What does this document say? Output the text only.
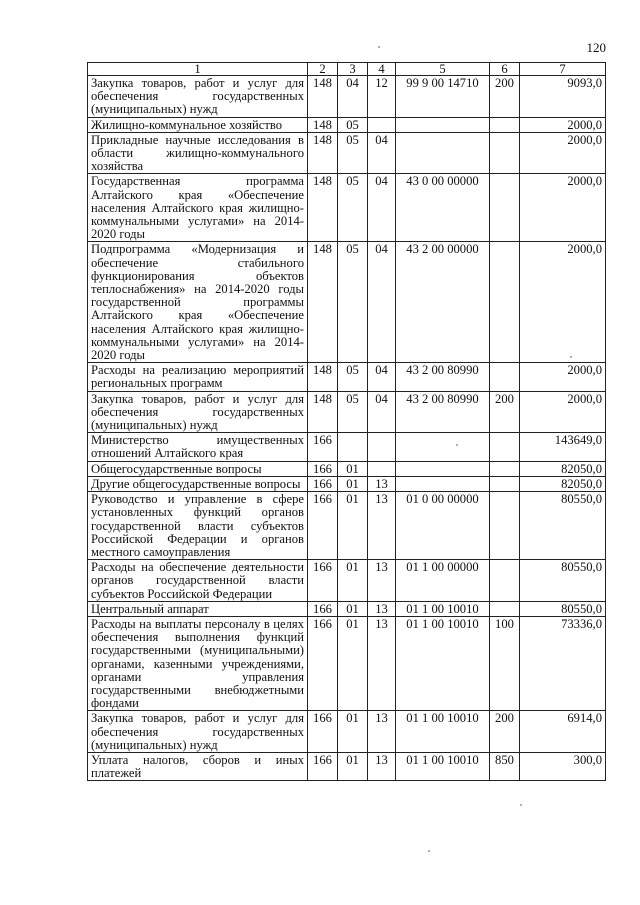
120
1	2	3	4	5	6	7
Закупка товаров, работ и услуг для обеспечения государственных (муниципальных) нужд	148	04	12	99 9 00 14710	200	9093,0
Жилищно-коммунальное хозяйство	148	05				2000,0
Прикладные научные исследования в области жилищно-коммунального хозяйства	148	05	04			2000,0
Государственная программа Алтайского края «Обеспечение населения Алтайского края жилищно-коммунальными услугами» на 2014-2020 годы	148	05	04	43 0 00 00000		2000,0
Подпрограмма «Модернизация и обеспечение стабильного функционирования объектов теплоснабжения» на 2014-2020 годы государственной программы Алтайского края «Обеспечение населения Алтайского края жилищно-коммунальными услугами» на 2014-2020 годы	148	05	04	43 2 00 00000		2000,0
Расходы на реализацию мероприятий региональных программ	148	05	04	43 2 00 80990		2000,0
Закупка товаров, работ и услуг для обеспечения государственных (муниципальных) нужд	148	05	04	43 2 00 80990	200	2000,0
Министерство имущественных отношений Алтайского края	166					143649,0
Общегосударственные вопросы	166	01				82050,0
Другие общегосударственные вопросы	166	01	13			82050,0
Руководство и управление в сфере установленных функций органов государственной власти субъектов Российской Федерации и органов местного самоуправления	166	01	13	01 0 00 00000		80550,0
Расходы на обеспечение деятельности органов государственной власти субъектов Российской Федерации	166	01	13	01 1 00 00000		80550,0
Центральный аппарат	166	01	13	01 1 00 10010		80550,0
Расходы на выплаты персоналу в целях обеспечения выполнения функций государственными (муниципальными) органами, казенными учреждениями, органами управления государственными внебюджетными фондами	166	01	13	01 1 00 10010	100	73336,0
Закупка товаров, работ и услуг для обеспечения государственных (муниципальных) нужд	166	01	13	01 1 00 10010	200	6914,0
Уплата налогов, сборов и иных платежей	166	01	13	01 1 00 10010	850	300,0
